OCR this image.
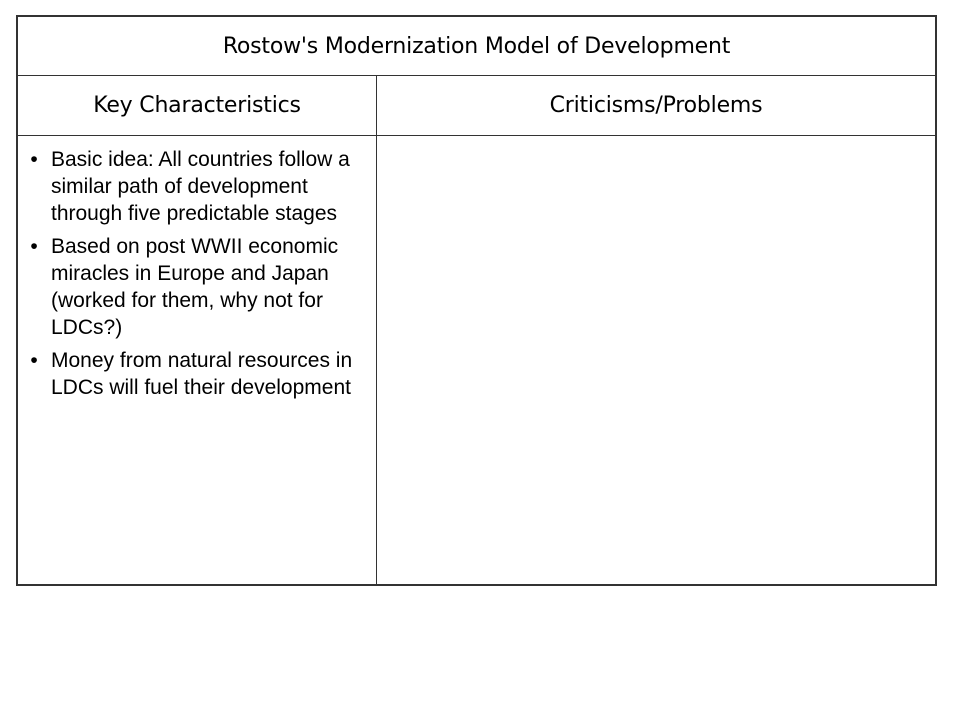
Rostow's Modernization Model of Development
Key Characteristics	Criticisms/Problems
• Basic idea: All countries follow a similar path of development through five predictable stages
• Based on post WWII economic miracles in Europe and Japan (worked for them, why not for LDCs?)
• Money from natural resources in LDCs will fuel their development
